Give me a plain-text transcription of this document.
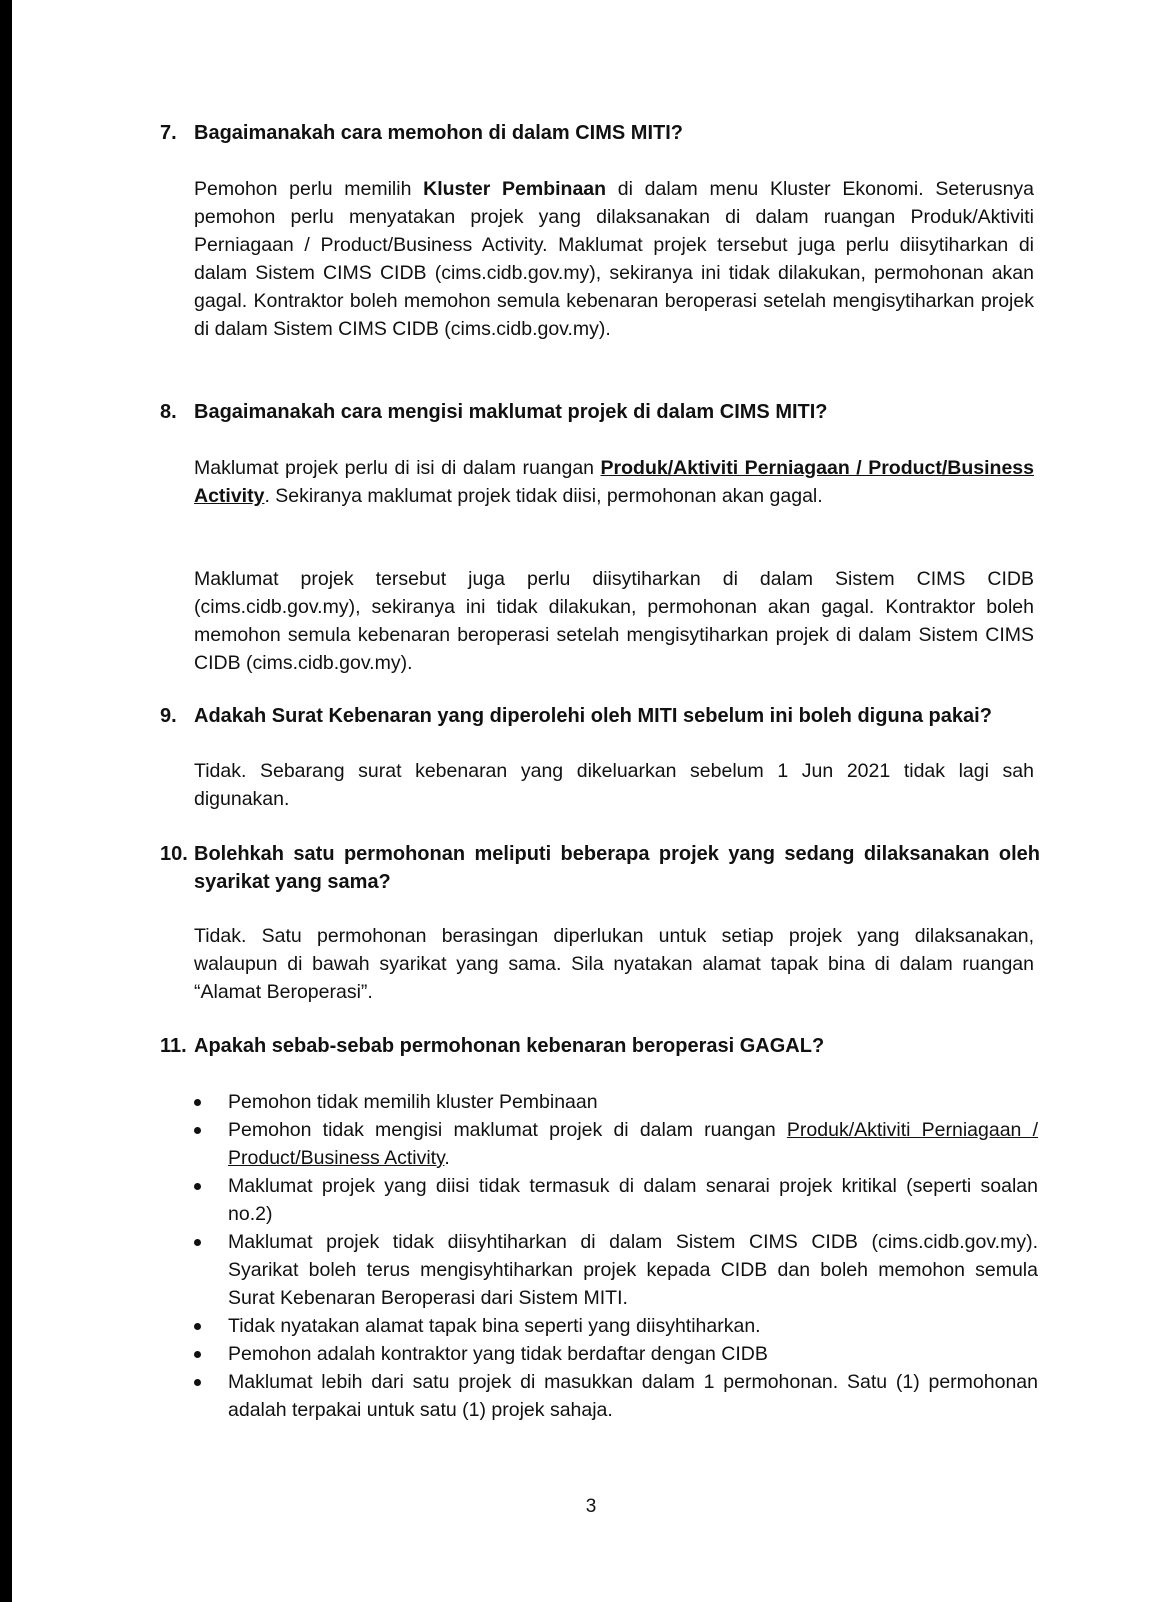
7. Bagaimanakah cara memohon di dalam CIMS MITI?
Pemohon perlu memilih Kluster Pembinaan di dalam menu Kluster Ekonomi. Seterusnya pemohon perlu menyatakan projek yang dilaksanakan di dalam ruangan Produk/Aktiviti Perniagaan / Product/Business Activity. Maklumat projek tersebut juga perlu diisytiharkan di dalam Sistem CIMS CIDB (cims.cidb.gov.my), sekiranya ini tidak dilakukan, permohonan akan gagal. Kontraktor boleh memohon semula kebenaran beroperasi setelah mengisytiharkan projek di dalam Sistem CIMS CIDB (cims.cidb.gov.my).
8. Bagaimanakah cara mengisi maklumat projek di dalam CIMS MITI?
Maklumat projek perlu di isi di dalam ruangan Produk/Aktiviti Perniagaan / Product/Business Activity. Sekiranya maklumat projek tidak diisi, permohonan akan gagal.
Maklumat projek tersebut juga perlu diisytiharkan di dalam Sistem CIMS CIDB (cims.cidb.gov.my), sekiranya ini tidak dilakukan, permohonan akan gagal. Kontraktor boleh memohon semula kebenaran beroperasi setelah mengisytiharkan projek di dalam Sistem CIMS CIDB (cims.cidb.gov.my).
9. Adakah Surat Kebenaran yang diperolehi oleh MITI sebelum ini boleh diguna pakai?
Tidak. Sebarang surat kebenaran yang dikeluarkan sebelum 1 Jun 2021 tidak lagi sah digunakan.
10. Bolehkah satu permohonan meliputi beberapa projek yang sedang dilaksanakan oleh syarikat yang sama?
Tidak. Satu permohonan berasingan diperlukan untuk setiap projek yang dilaksanakan, walaupun di bawah syarikat yang sama. Sila nyatakan alamat tapak bina di dalam ruangan “Alamat Beroperasi”.
11. Apakah sebab-sebab permohonan kebenaran beroperasi GAGAL?
Pemohon tidak memilih kluster Pembinaan
Pemohon tidak mengisi maklumat projek di dalam ruangan Produk/Aktiviti Perniagaan / Product/Business Activity.
Maklumat projek yang diisi tidak termasuk di dalam senarai projek kritikal (seperti soalan no.2)
Maklumat projek tidak diisyhtiharkan di dalam Sistem CIMS CIDB (cims.cidb.gov.my). Syarikat boleh terus mengisyhtiharkan projek kepada CIDB dan boleh memohon semula Surat Kebenaran Beroperasi dari Sistem MITI.
Tidak nyatakan alamat tapak bina seperti yang diisyhtiharkan.
Pemohon adalah kontraktor yang tidak berdaftar dengan CIDB
Maklumat lebih dari satu projek di masukkan dalam 1 permohonan. Satu (1) permohonan adalah terpakai untuk satu (1) projek sahaja.
3
